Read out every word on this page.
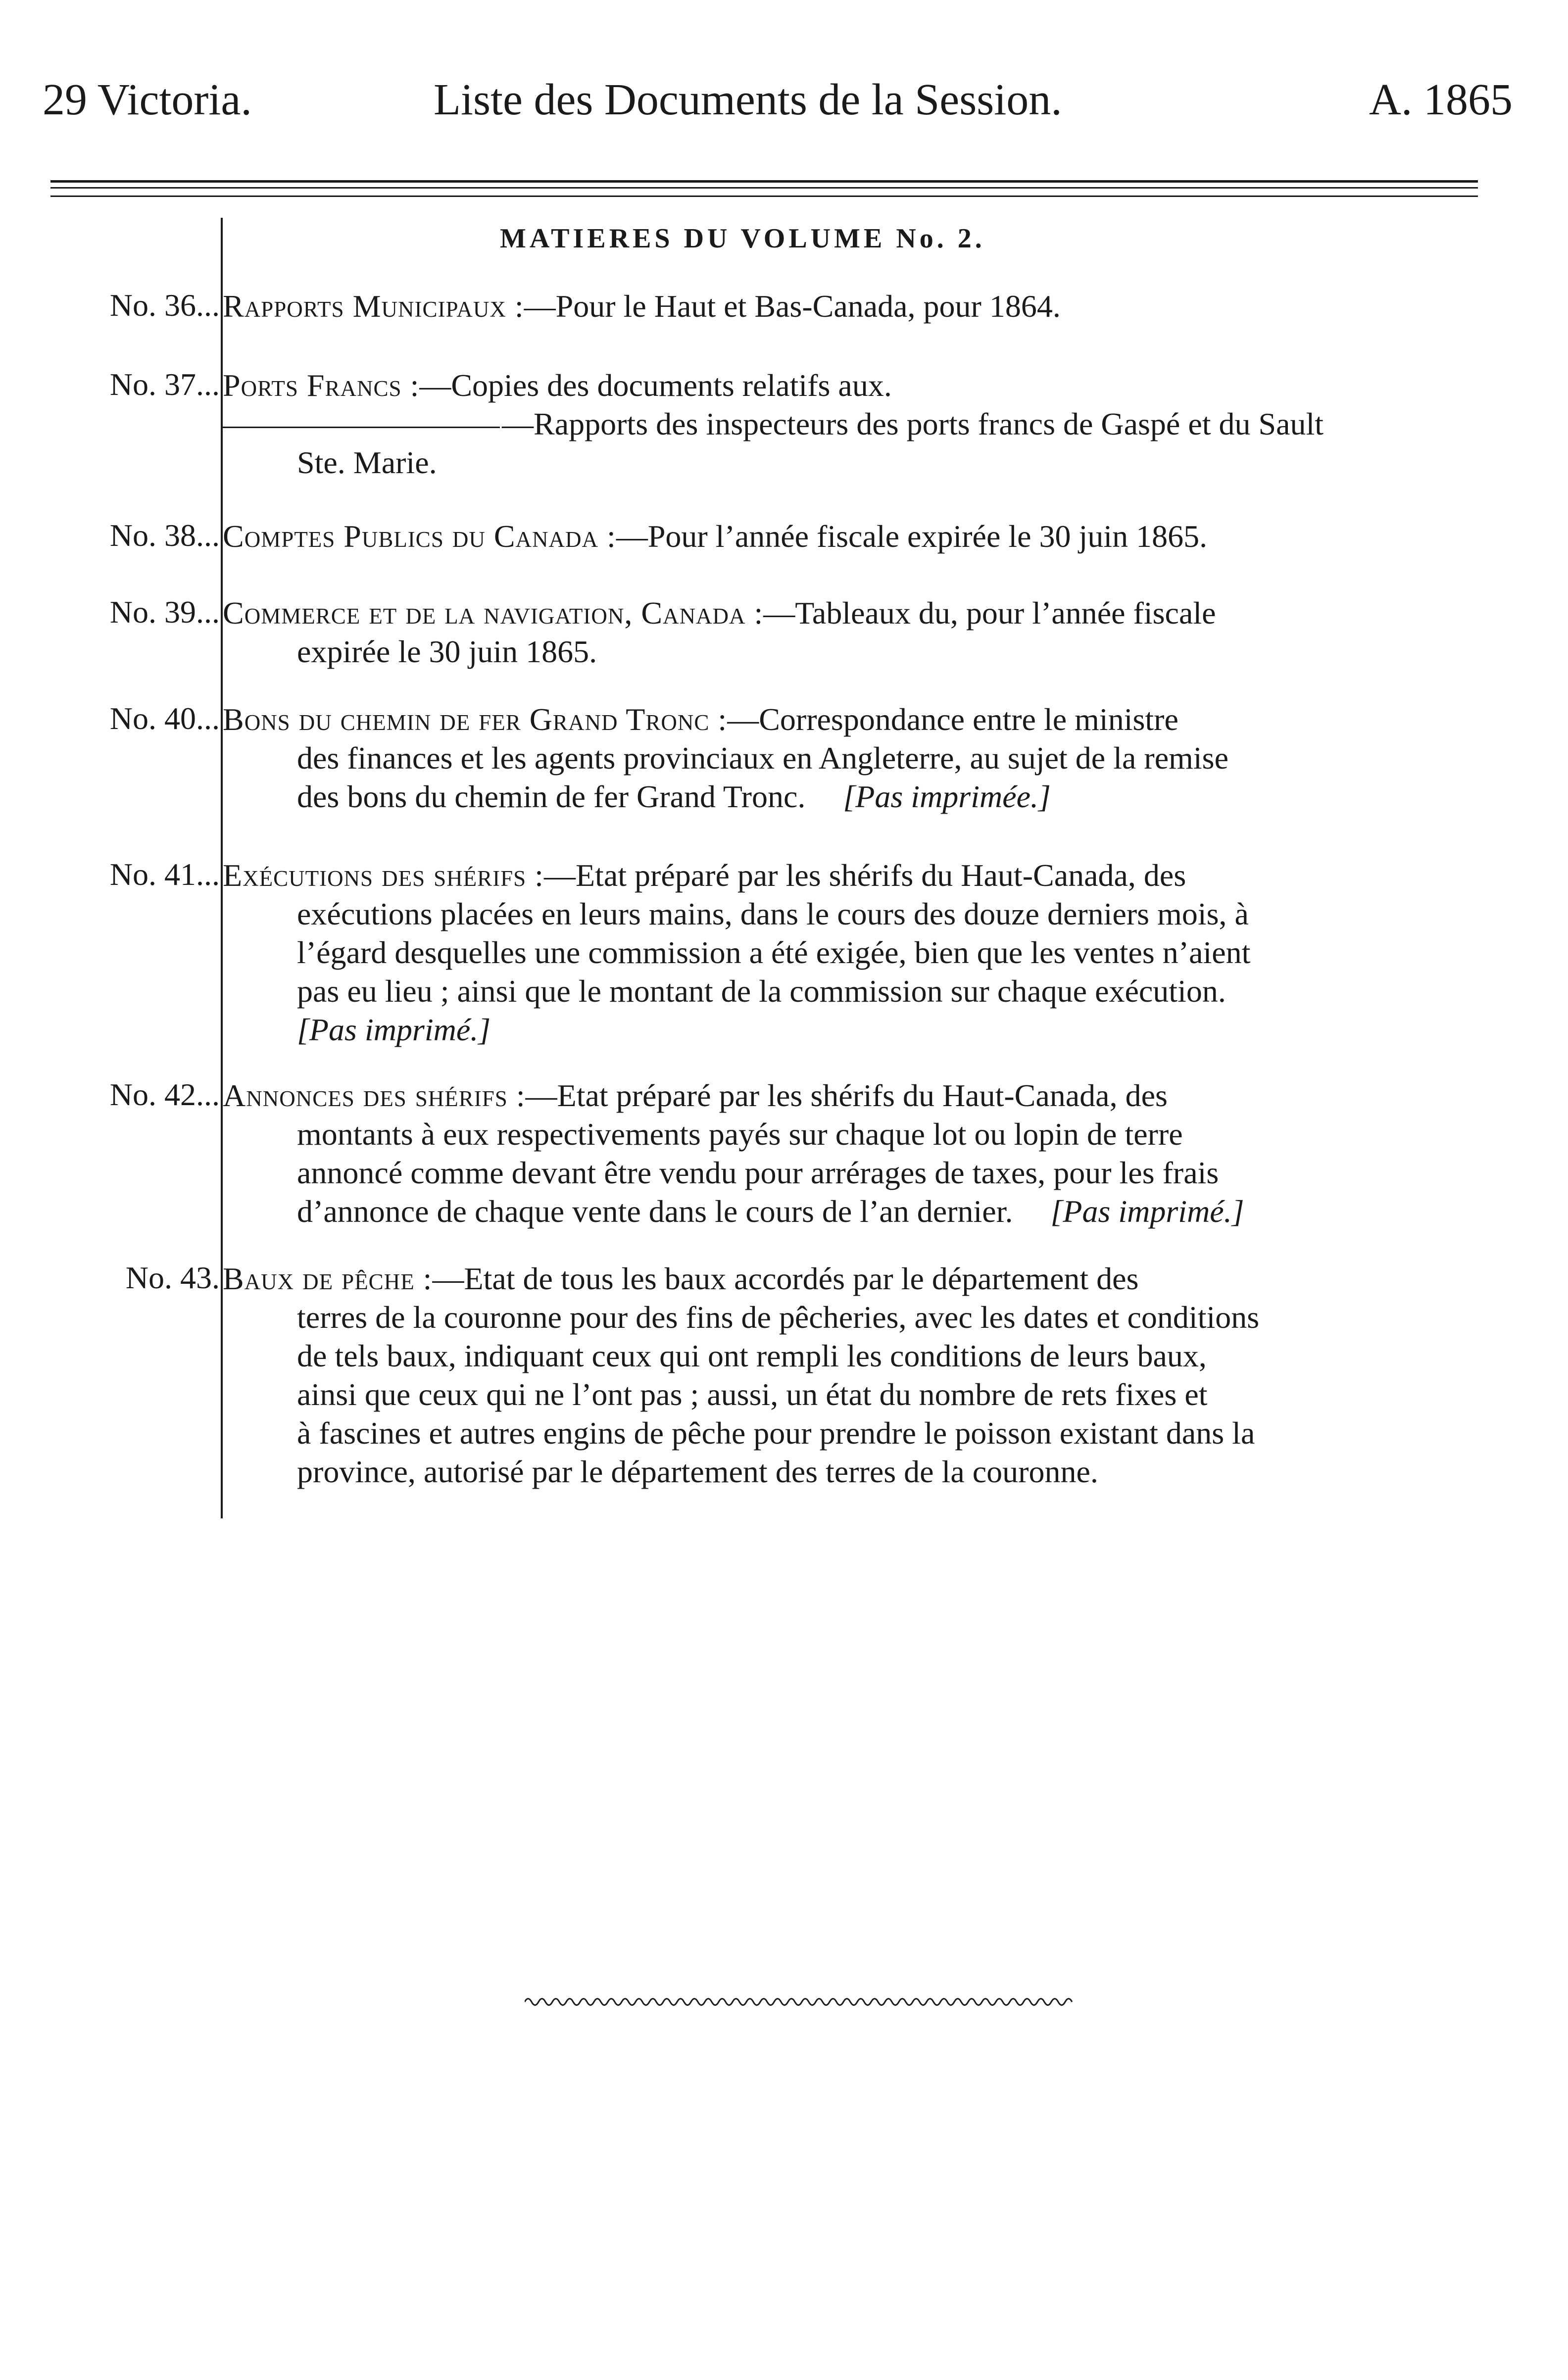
29 Victoria.	Liste des Documents de la Session.	A. 1865
MATIERES DU VOLUME No. 2.
No. 36... Rapports Municipaux :—Pour le Haut et Bas-Canada, pour 1864.
No. 37... Ports Francs :—Copies des documents relatifs aux.
—Rapports des inspecteurs des ports francs de Gaspé et du Sault
Ste. Marie.
No. 38... Comptes Publics du Canada :—Pour l’année fiscale expirée le 30 juin 1865.
No. 39... Commerce et de la navigation, Canada :—Tableaux du, pour l’année fiscale
expirée le 30 juin 1865.
No. 40... Bons du chemin de fer Grand Tronc :—Correspondance entre le ministre
des finances et les agents provinciaux en Angleterre, au sujet de la remise
des bons du chemin de fer Grand Tronc. [Pas imprimée.]
No. 41... Exécutions des shérifs :—Etat préparé par les shérifs du Haut-Canada, des
exécutions placées en leurs mains, dans le cours des douze derniers mois, à
l’égard desquelles une commission a été exigée, bien que les ventes n’aient
pas eu lieu ; ainsi que le montant de la commission sur chaque exécution.
[Pas imprimé.]
No. 42... Annonces des shérifs :—Etat préparé par les shérifs du Haut-Canada, des
montants à eux respectivements payés sur chaque lot ou lopin de terre
annoncé comme devant être vendu pour arrérages de taxes, pour les frais
d’annonce de chaque vente dans le cours de l’an dernier. [Pas imprimé.]
No. 43. Baux de pêche :—Etat de tous les baux accordés par le département des
terres de la couronne pour des fins de pêcheries, avec les dates et conditions
de tels baux, indiquant ceux qui ont rempli les conditions de leurs baux,
ainsi que ceux qui ne l’ont pas ; aussi, un état du nombre de rets fixes et
à fascines et autres engins de pêche pour prendre le poisson existant dans la
province, autorisé par le département des terres de la couronne.
